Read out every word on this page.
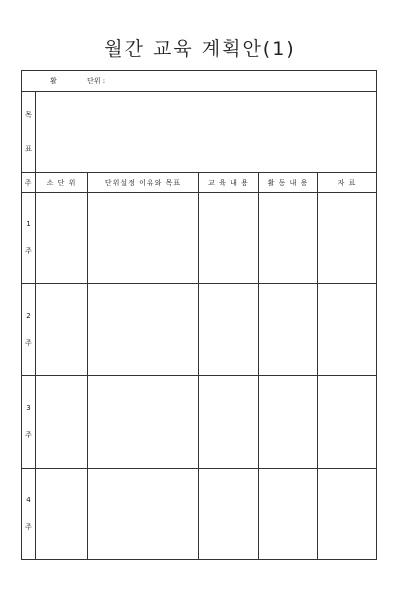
월간 교육 계획안(1)
활 단위 :					

목
표					

주	소 단 위	단위설정 이유와 목표	교 육 내 용	활 동 내 용	자 료

1
주					

2
주					

3
주					

4
주					
